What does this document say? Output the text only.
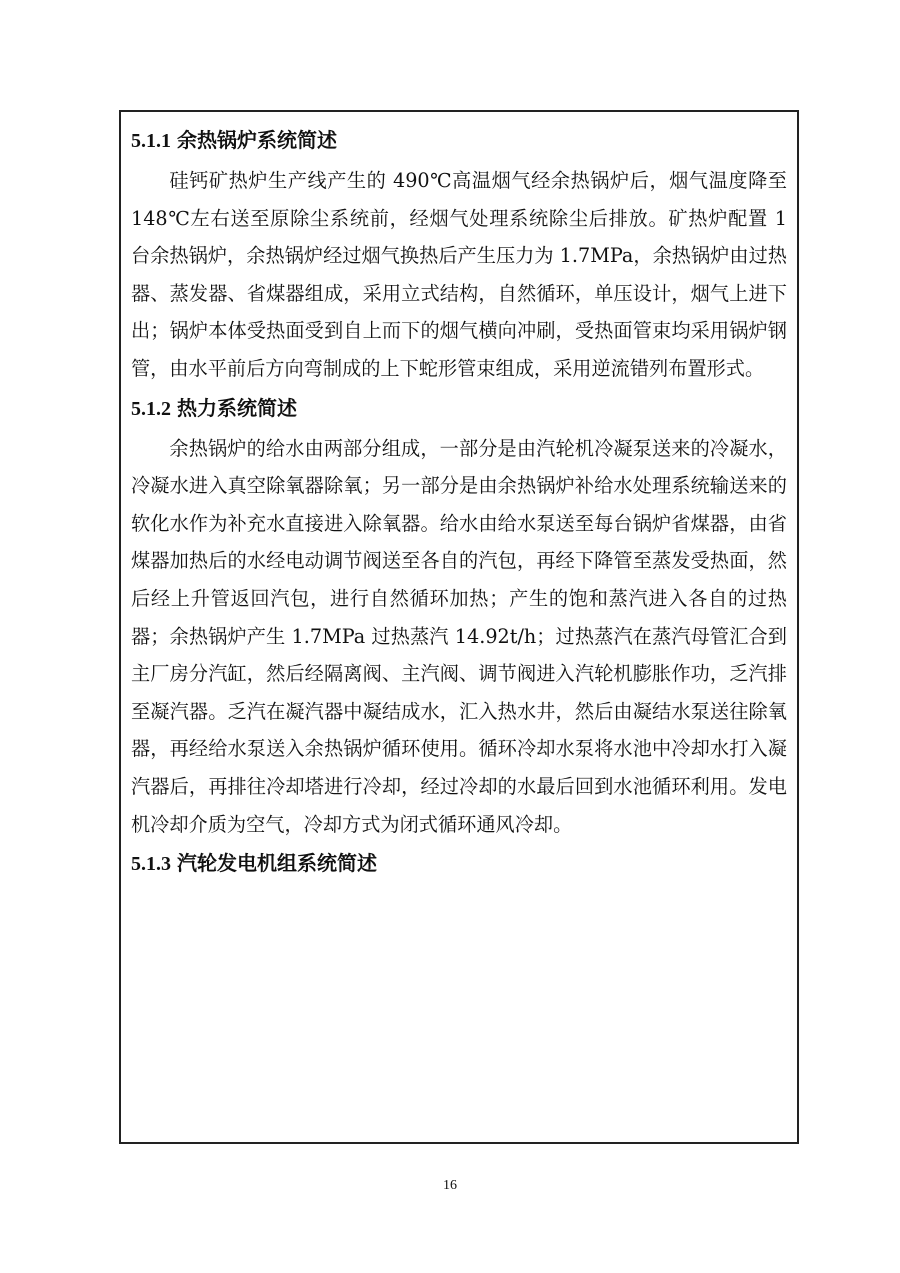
5.1.1 余热锅炉系统简述

硅钙矿热炉生产线产生的 490℃高温烟气经余热锅炉后，烟气温度降至 148℃左右送至原除尘系统前，经烟气处理系统除尘后排放。矿热炉配置 1 台余热锅炉，余热锅炉经过烟气换热后产生压力为 1.7MPa，余热锅炉由过热器、蒸发器、省煤器组成，采用立式结构，自然循环，单压设计，烟气上进下出；锅炉本体受热面受到自上而下的烟气横向冲刷，受热面管束均采用锅炉钢管，由水平前后方向弯制成的上下蛇形管束组成，采用逆流错列布置形式。

5.1.2 热力系统简述

余热锅炉的给水由两部分组成，一部分是由汽轮机冷凝泵送来的冷凝水，冷凝水进入真空除氧器除氧；另一部分是由余热锅炉补给水处理系统输送来的软化水作为补充水直接进入除氧器。给水由给水泵送至每台锅炉省煤器，由省煤器加热后的水经电动调节阀送至各自的汽包，再经下降管至蒸发受热面，然后经上升管返回汽包，进行自然循环加热；产生的饱和蒸汽进入各自的过热器；余热锅炉产生 1.7MPa 过热蒸汽 14.92t/h；过热蒸汽在蒸汽母管汇合到主厂房分汽缸，然后经隔离阀、主汽阀、调节阀进入汽轮机膨胀作功，乏汽排至凝汽器。乏汽在凝汽器中凝结成水，汇入热水井，然后由凝结水泵送往除氧器，再经给水泵送入余热锅炉循环使用。循环冷却水泵将水池中冷却水打入凝汽器后，再排往冷却塔进行冷却，经过冷却的水最后回到水池循环利用。发电机冷却介质为空气，冷却方式为闭式循环通风冷却。

5.1.3 汽轮发电机组系统简述
16
